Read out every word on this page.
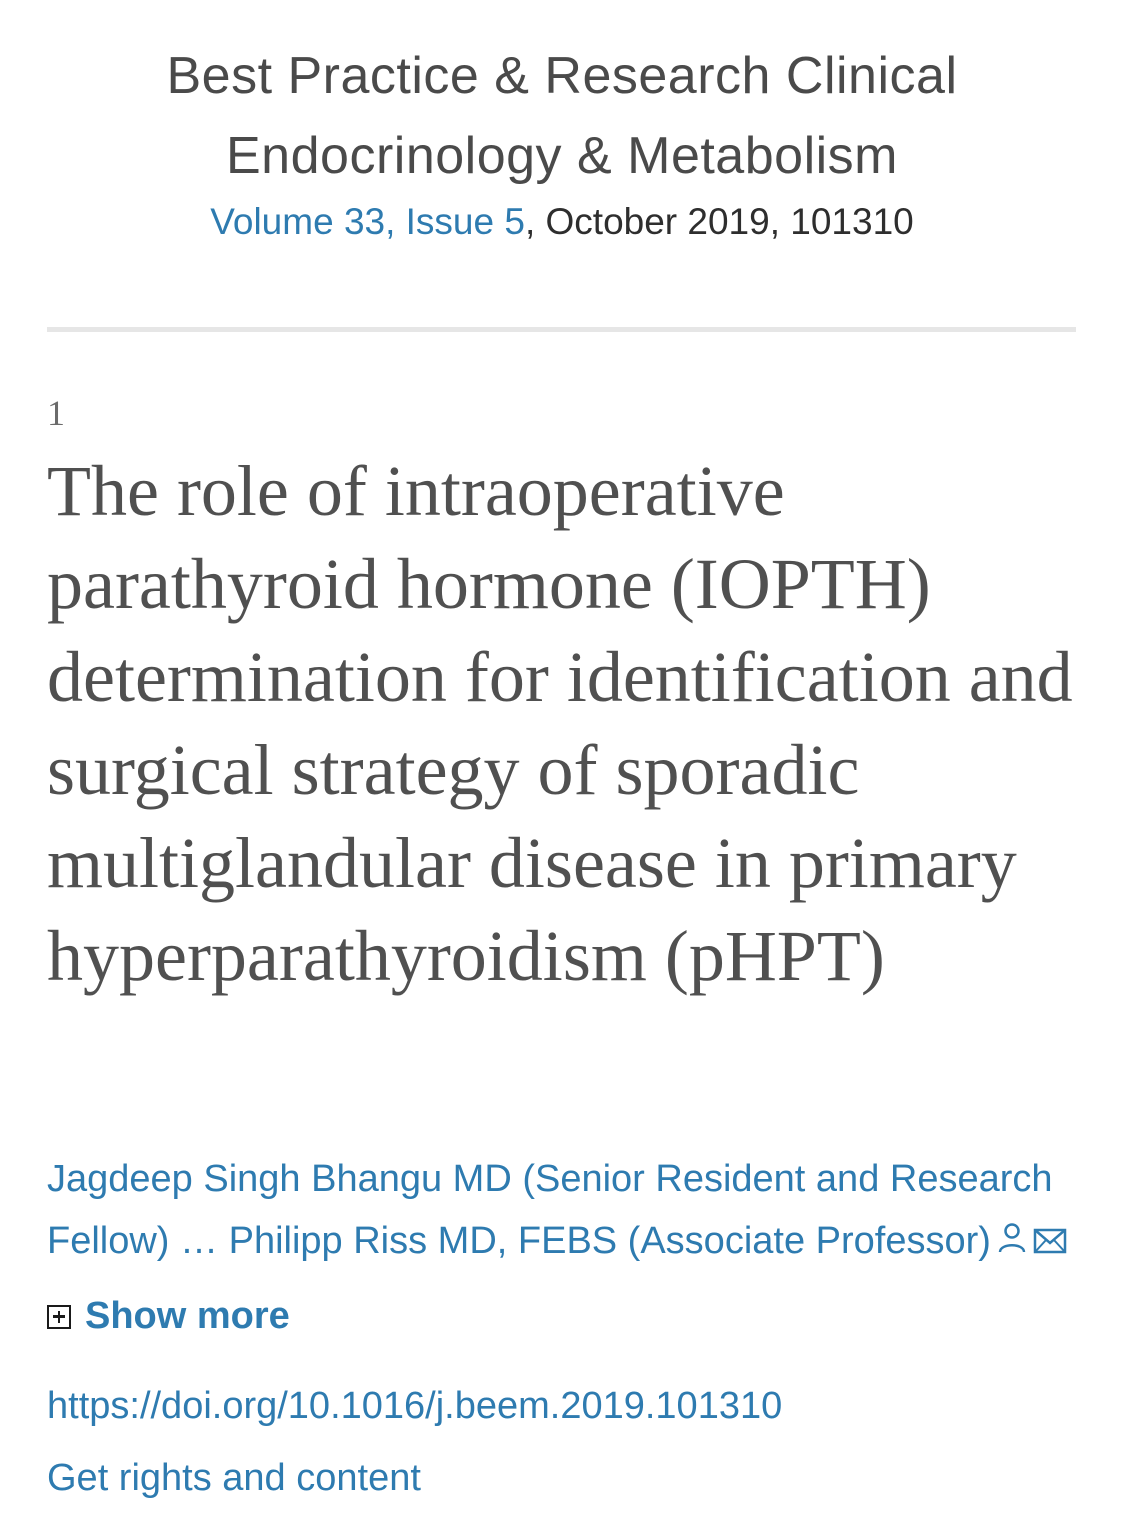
Best Practice & Research Clinical
Endocrinology & Metabolism
Volume 33, Issue 5, October 2019, 101310
1
The role of intraoperative parathyroid hormone (IOPTH) determination for identification and surgical strategy of sporadic multiglandular disease in primary hyperparathyroidism (pHPT)
Jagdeep Singh Bhangu MD (Senior Resident and Research Fellow) … Philipp Riss MD, FEBS (Associate Professor)
Show more
https://doi.org/10.1016/j.beem.2019.101310
Get rights and content
